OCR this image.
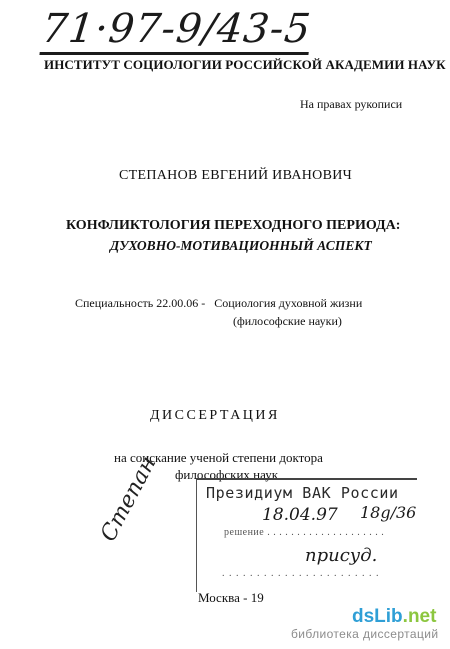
71·97-9/43-5
ИНСТИТУТ СОЦИОЛОГИИ РОССИЙСКОЙ АКАДЕМИИ НАУК
На правах рукописи
СТЕПАНОВ ЕВГЕНИЙ ИВАНОВИЧ
КОНФЛИКТОЛОГИЯ ПЕРЕХОДНОГО ПЕРИОДА:
ДУХОВНО-МОТИВАЦИОННЫЙ АСПЕКТ
Специальность 22.00.06 -   Социология духовной жизни
(философские науки)
ДИССЕРТАЦИЯ
на соискание ученой степени доктора
философских наук
Президиум ВАК России
18.04.97 18g/36
решение . . . . . . . . . . . . . . . . . . . .
присуд.
. . . . . . . . . . . . . . . . . . . . . . .
Степан
Москва - 19
dsLib.net
библиотека диссертаций
